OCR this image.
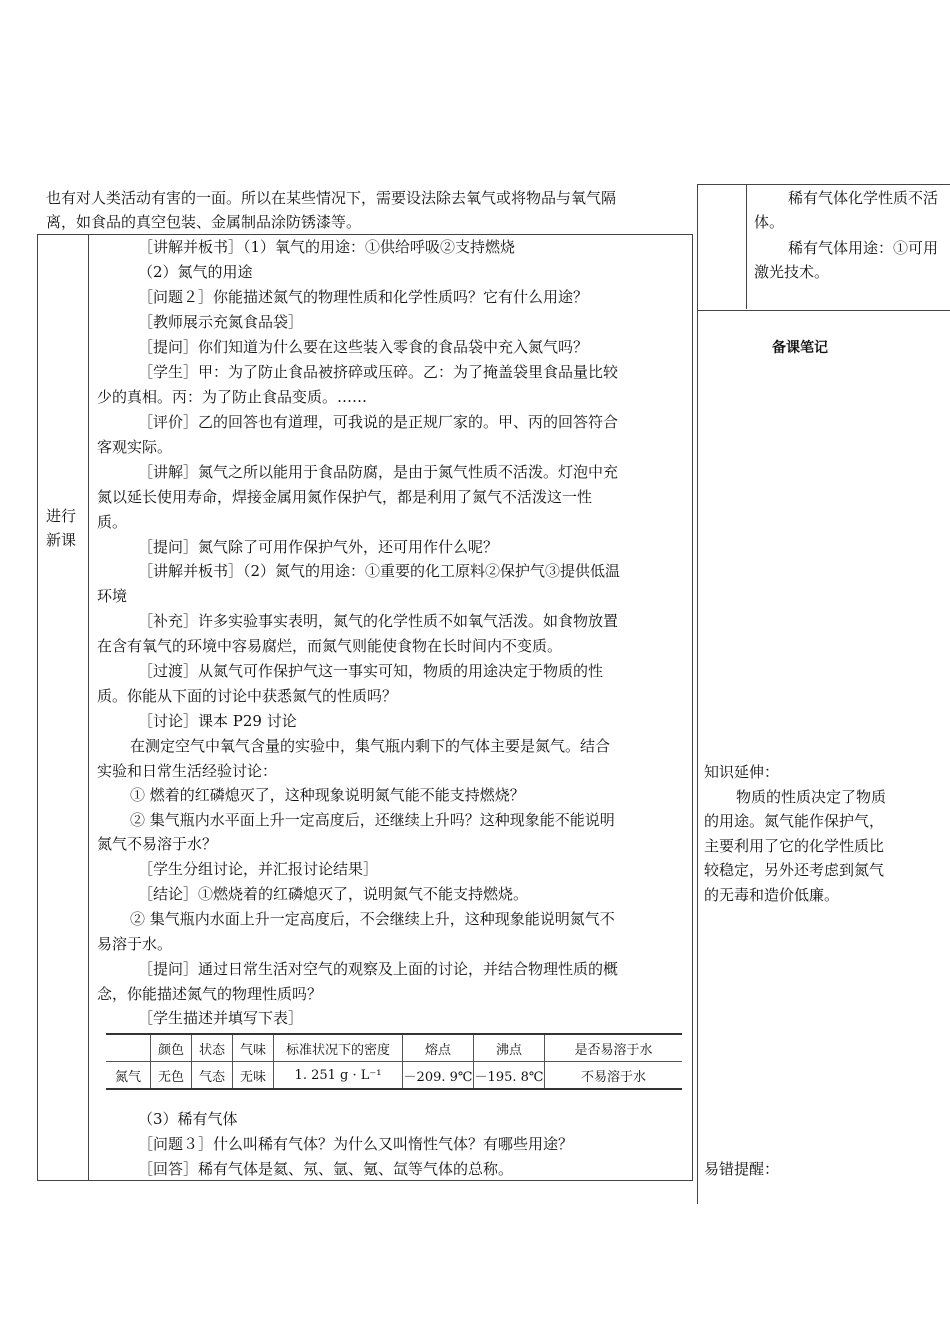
也有对人类活动有害的一面。所以在某些情况下，需要设法除去氧气或将物品与氧气隔
离，如食品的真空包装、金属制品涂防锈漆等。
稀有气体化学性质不活
体。
稀有气体用途：①可用
激光技术。
备课笔记
进行
新课
［讲解并板书］（1）氧气的用途：①供给呼吸②支持燃烧
（2）氮气的用途
［问题２］你能描述氮气的物理性质和化学性质吗？它有什么用途？
［教师展示充氮食品袋］
［提问］你们知道为什么要在这些装入零食的食品袋中充入氮气吗？
［学生］甲：为了防止食品被挤碎或压碎。乙：为了掩盖袋里食品量比较
少的真相。丙：为了防止食品变质。……
［评价］乙的回答也有道理，可我说的是正规厂家的。甲、丙的回答符合
客观实际。
［讲解］氮气之所以能用于食品防腐，是由于氮气性质不活泼。灯泡中充
氮以延长使用寿命，焊接金属用氮作保护气，都是利用了氮气不活泼这一性
质。
［提问］氮气除了可用作保护气外，还可用作什么呢？
［讲解并板书］（2）氮气的用途：①重要的化工原料②保护气③提供低温
环境
［补充］许多实验事实表明，氮气的化学性质不如氧气活泼。如食物放置
在含有氧气的环境中容易腐烂，而氮气则能使食物在长时间内不变质。
［过渡］从氮气可作保护气这一事实可知，物质的用途决定于物质的性
质。你能从下面的讨论中获悉氮气的性质吗？
［讨论］课本 P29 讨论
在测定空气中氧气含量的实验中，集气瓶内剩下的气体主要是氮气。结合
实验和日常生活经验讨论：
① 燃着的红磷熄灭了，这种现象说明氮气能不能支持燃烧？
② 集气瓶内水平面上升一定高度后，还继续上升吗？这种现象能不能说明
氮气不易溶于水？
［学生分组讨论，并汇报讨论结果］
［结论］①燃烧着的红磷熄灭了，说明氮气不能支持燃烧。
② 集气瓶内水面上升一定高度后，不会继续上升，这种现象能说明氮气不
易溶于水。
［提问］通过日常生活对空气的观察及上面的讨论，并结合物理性质的概
念，你能描述氮气的物理性质吗？
［学生描述并填写下表］
	颜色	状态	气味	标准状况下的密度	熔点	沸点	是否易溶于水
氮气	无色	气态	无味	1. 251 g · L⁻¹	－209. 9℃	－195. 8℃	不易溶于水
（3）稀有气体
［问题３］什么叫稀有气体？为什么又叫惰性气体？有哪些用途？
［回答］稀有气体是氦、氖、氩、氪、氙等气体的总称。
知识延伸：
物质的性质决定了物质
的用途。氮气能作保护气，
主要利用了它的化学性质比
较稳定，另外还考虑到氮气
的无毒和造价低廉。
易错提醒：
